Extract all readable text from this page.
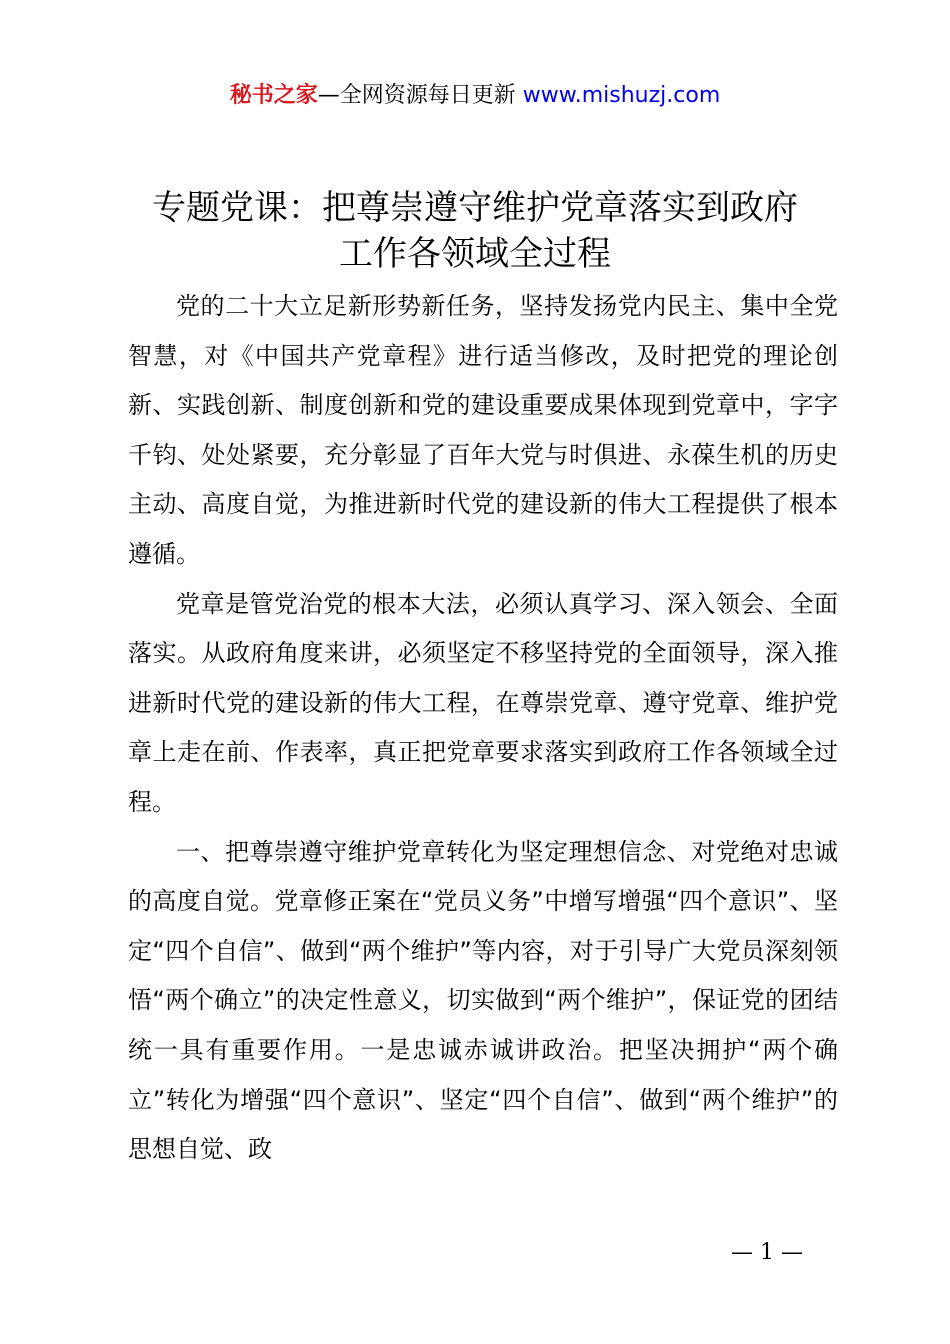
秘书之家—全网资源每日更新 www.mishuzj.com
专题党课：把尊崇遵守维护党章落实到政府
工作各领域全过程

党的二十大立足新形势新任务，坚持发扬党内民主、集中全党智慧，对《中国共产党章程》进行适当修改，及时把党的理论创新、实践创新、制度创新和党的建设重要成果体现到党章中，字字千钧、处处紧要，充分彰显了百年大党与时俱进、永葆生机的历史主动、高度自觉，为推进新时代党的建设新的伟大工程提供了根本遵循。

党章是管党治党的根本大法，必须认真学习、深入领会、全面落实。从政府角度来讲，必须坚定不移坚持党的全面领导，深入推进新时代党的建设新的伟大工程，在尊崇党章、遵守党章、维护党章上走在前、作表率，真正把党章要求落实到政府工作各领域全过程。

一、把尊崇遵守维护党章转化为坚定理想信念、对党绝对忠诚的高度自觉。党章修正案在“党员义务”中增写增强“四个意识”、坚定“四个自信”、做到“两个维护”等内容，对于引导广大党员深刻领悟“两个确立”的决定性意义，切实做到“两个维护”，保证党的团结统一具有重要作用。一是忠诚赤诚讲政治。把坚决拥护“两个确立”转化为增强“四个意识”、坚定“四个自信”、做到“两个维护”的思想自觉、政

— 1 —
